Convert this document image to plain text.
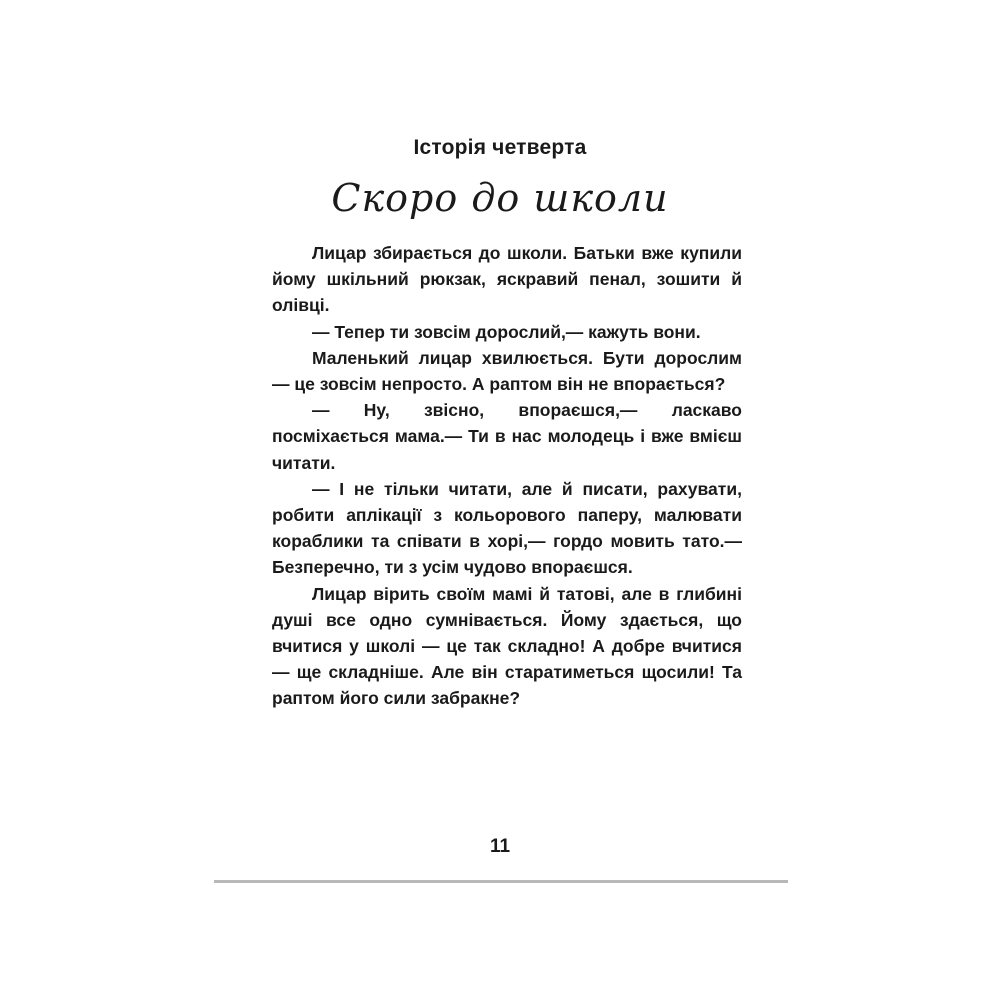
Історія четверта
Скоро до школи

Лицар збирається до школи. Батьки вже купили йому шкільний рюкзак, яскравий пенал, зошити й олівці.

— Тепер ти зовсім дорослий,— кажуть вони.

Маленький лицар хвилюється. Бути дорослим — це зовсім непросто. А раптом він не впорається?

— Ну, звісно, впораєшся,— ласкаво посміхається мама.— Ти в нас молодець і вже вмієш читати.

— І не тільки читати, але й писати, рахувати, робити аплікації з кольорового паперу, малювати кораблики та співати в хорі,— гордо мовить тато.— Безперечно, ти з усім чудово впораєшся.

Лицар вірить своїм мамі й татові, але в глибині душі все одно сумнівається. Йому здається, що вчитися у школі — це так складно! А добре вчитися — ще складніше. Але він старатиметься щосили! Та раптом його сили забракне?

11
